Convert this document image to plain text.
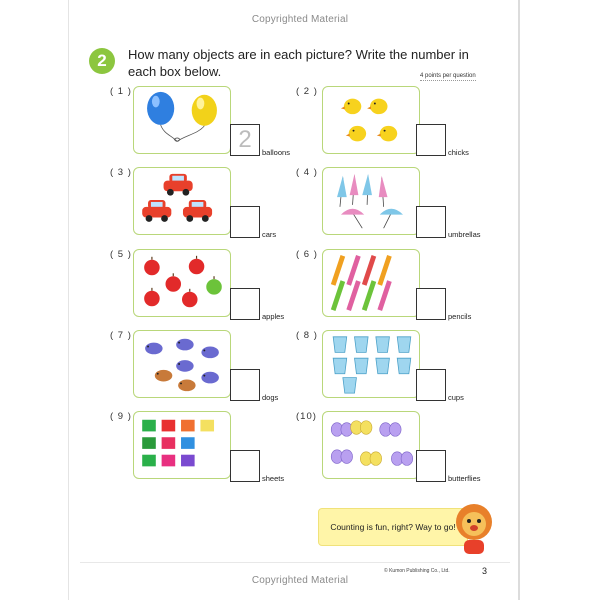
Copyrighted Material
2	How many objects are in each picture? Write the number in each box below.	4 points per question
( 1 )
2	balloons
( 2 )
chicks
( 3 )
cars
( 4 )
umbrellas
( 5 )
apples
( 6 )
pencils
( 7 )
dogs
( 8 )
cups
( 9 )
sheets
(10)
butterflies
Counting is fun, right? Way to go!
© Kumon Publishing Co., Ltd.	3
Copyrighted Material
